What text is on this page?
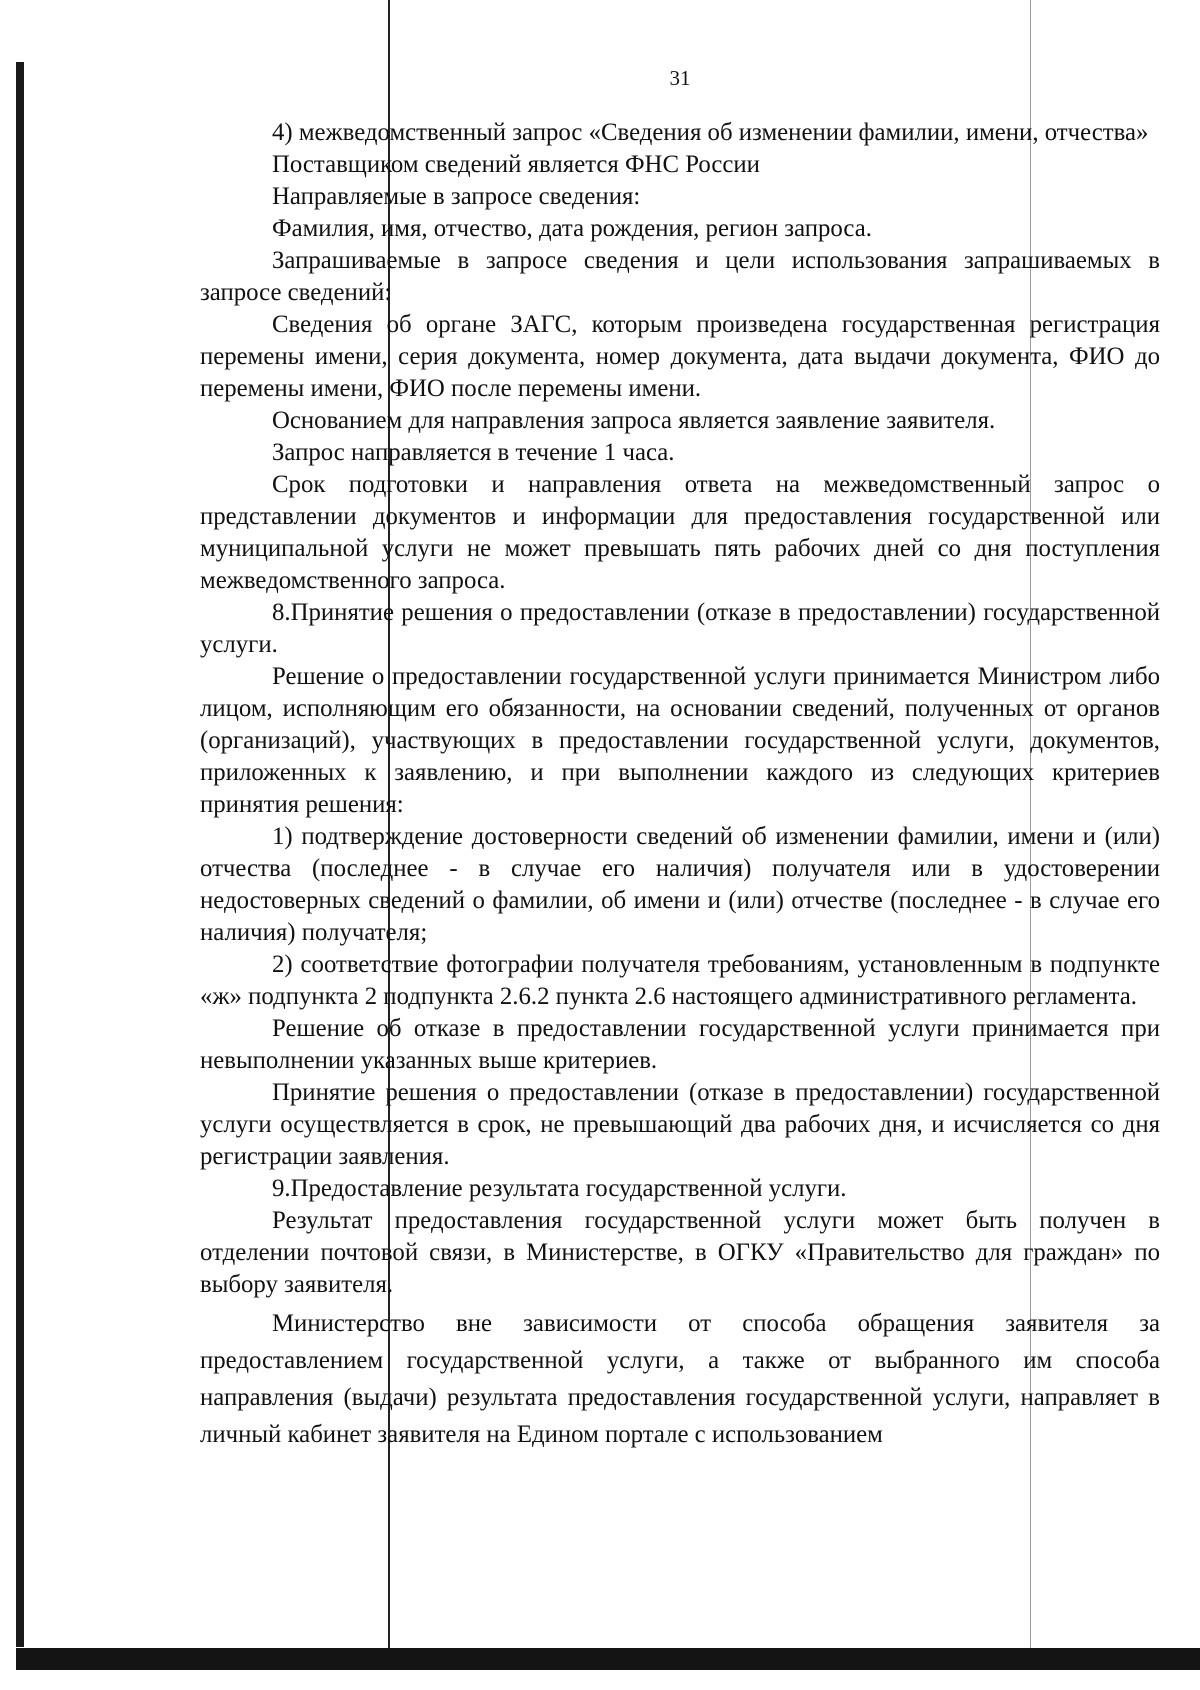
31

4) межведомственный запрос «Сведения об изменении фамилии, имени, отчества»

Поставщиком сведений является ФНС России

Направляемые в запросе сведения:

Фамилия, имя, отчество, дата рождения, регион запроса.

Запрашиваемые в запросе сведения и цели использования запрашиваемых в запросе сведений:

Сведения об органе ЗАГС, которым произведена государственная регистрация перемены имени, серия документа, номер документа, дата выдачи документа, ФИО до перемены имени, ФИО после перемены имени.

Основанием для направления запроса является заявление заявителя.

Запрос направляется в течение 1 часа.

Срок подготовки и направления ответа на межведомственный запрос о представлении документов и информации для предоставления государственной или муниципальной услуги не может превышать пять рабочих дней со дня поступления межведомственного запроса.

8.Принятие решения о предоставлении (отказе в предоставлении) государственной услуги.

Решение о предоставлении государственной услуги принимается Министром либо лицом, исполняющим его обязанности, на основании сведений, полученных от органов (организаций), участвующих в предоставлении государственной услуги, документов, приложенных к заявлению, и при выполнении каждого из следующих критериев принятия решения:

1) подтверждение достоверности сведений об изменении фамилии, имени и (или) отчества (последнее - в случае его наличия) получателя или в удостоверении недостоверных сведений о фамилии, об имени и (или) отчестве (последнее - в случае его наличия) получателя;

2) соответствие фотографии получателя требованиям, установленным в подпункте «ж» подпункта 2 подпункта 2.6.2 пункта 2.6 настоящего административного регламента.

Решение об отказе в предоставлении государственной услуги принимается при невыполнении указанных выше критериев.

Принятие решения о предоставлении (отказе в предоставлении) государственной услуги осуществляется в срок, не превышающий два рабочих дня, и исчисляется со дня регистрации заявления.

9.Предоставление результата государственной услуги.

Результат предоставления государственной услуги может быть получен в отделении почтовой связи, в Министерстве, в ОГКУ «Правительство для граждан» по выбору заявителя.

Министерство вне зависимости от способа обращения заявителя за предоставлением государственной услуги, а также от выбранного им способа направления (выдачи) результата предоставления государственной услуги, направляет в личный кабинет заявителя на Едином портале с использованием
